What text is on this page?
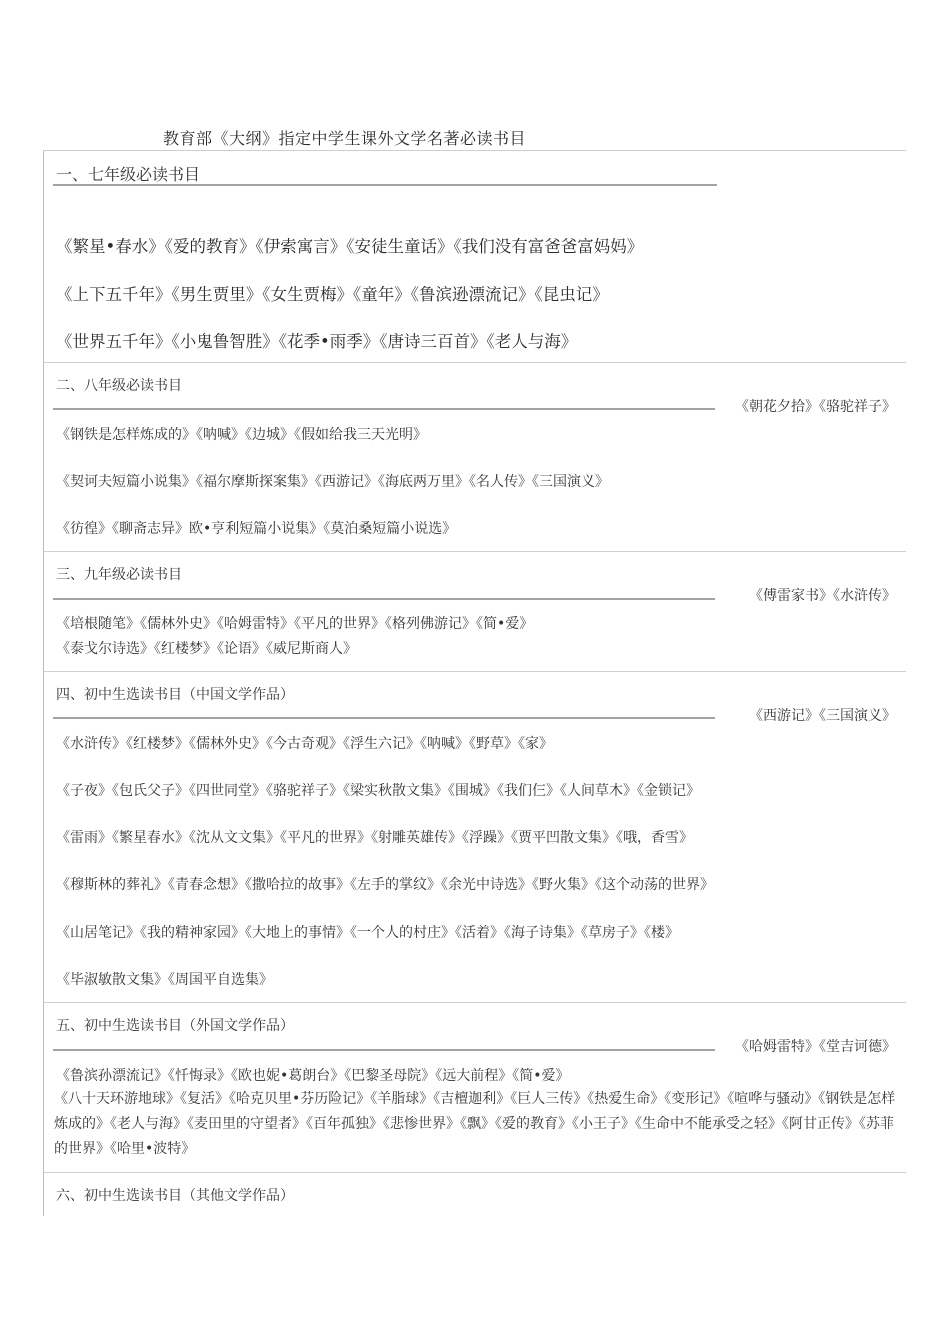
教育部《大纲》指定中学生课外文学名著必读书目
一、七年级必读书目
《繁星•春水》《爱的教育》《伊索寓言》《安徒生童话》《我们没有富爸爸富妈妈》
《上下五千年》《男生贾里》《女生贾梅》《童年》《鲁滨逊漂流记》《昆虫记》
《世界五千年》《小鬼鲁智胜》《花季•雨季》《唐诗三百首》《老人与海》
二、八年级必读书目
《朝花夕拾》《骆驼祥子》
《钢铁是怎样炼成的》《呐喊》《边城》《假如给我三天光明》
《契诃夫短篇小说集》《福尔摩斯探案集》《西游记》《海底两万里》《名人传》《三国演义》
《彷徨》《聊斋志异》欧•亨利短篇小说集》《莫泊桑短篇小说选》
三、九年级必读书目
《傅雷家书》《水浒传》
《培根随笔》《儒林外史》《哈姆雷特》《平凡的世界》《格列佛游记》《简•爱》
《泰戈尔诗选》《红楼梦》《论语》《威尼斯商人》
四、初中生选读书目（中国文学作品）
《西游记》《三国演义》
《水浒传》《红楼梦》《儒林外史》《今古奇观》《浮生六记》《呐喊》《野草》《家》
《子夜》《包氏父子》《四世同堂》《骆驼祥子》《梁实秋散文集》《围城》《我们仨》《人间草木》《金锁记》
《雷雨》《繁星春水》《沈从文文集》《平凡的世界》《射雕英雄传》《浮躁》《贾平凹散文集》《哦，香雪》
《穆斯林的葬礼》《青春念想》《撒哈拉的故事》《左手的掌纹》《余光中诗选》《野火集》《这个动荡的世界》
《山居笔记》《我的精神家园》《大地上的事情》《一个人的村庄》《活着》《海子诗集》《草房子》《楼》
《毕淑敏散文集》《周国平自选集》
五、初中生选读书目（外国文学作品）
《哈姆雷特》《堂吉诃德》
《鲁滨孙漂流记》《忏悔录》《欧也妮•葛朗台》《巴黎圣母院》《远大前程》《简•爱》
《八十天环游地球》《复活》《哈克贝里•芬历险记》《羊脂球》《吉檀迦利》《巨人三传》《热爱生命》《变形记》《喧哗与骚动》《钢铁是怎样炼成的》《老人与海》《麦田里的守望者》《百年孤独》《悲惨世界》《飘》《爱的教育》《小王子》《生命中不能承受之轻》《阿甘正传》《苏菲的世界》《哈里•波特》
六、初中生选读书目（其他文学作品）
